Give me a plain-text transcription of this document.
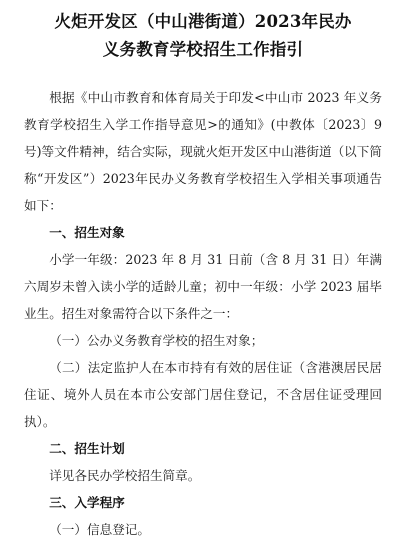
火炬开发区（中山港街道）2023年民办
义务教育学校招生工作指引

根据《中山市教育和体育局关于印发<中山市 2023 年义务教育学校招生入学工作指导意见>的通知》(中教体〔2023〕9号)等文件精神，结合实际，现就火炬开发区中山港街道（以下简称“开发区”）2023年民办义务教育学校招生入学相关事项通告如下：

一、招生对象

小学一年级：2023 年 8 月 31 日前（含 8 月 31 日）年满六周岁未曾入读小学的适龄儿童；初中一年级：小学 2023 届毕业生。招生对象需符合以下条件之一：

（一）公办义务教育学校的招生对象；

（二）法定监护人在本市持有有效的居住证（含港澳居民居住证、境外人员在本市公安部门居住登记，不含居住证受理回执）。

二、招生计划

详见各民办学校招生简章。

三、入学程序

（一）信息登记。
